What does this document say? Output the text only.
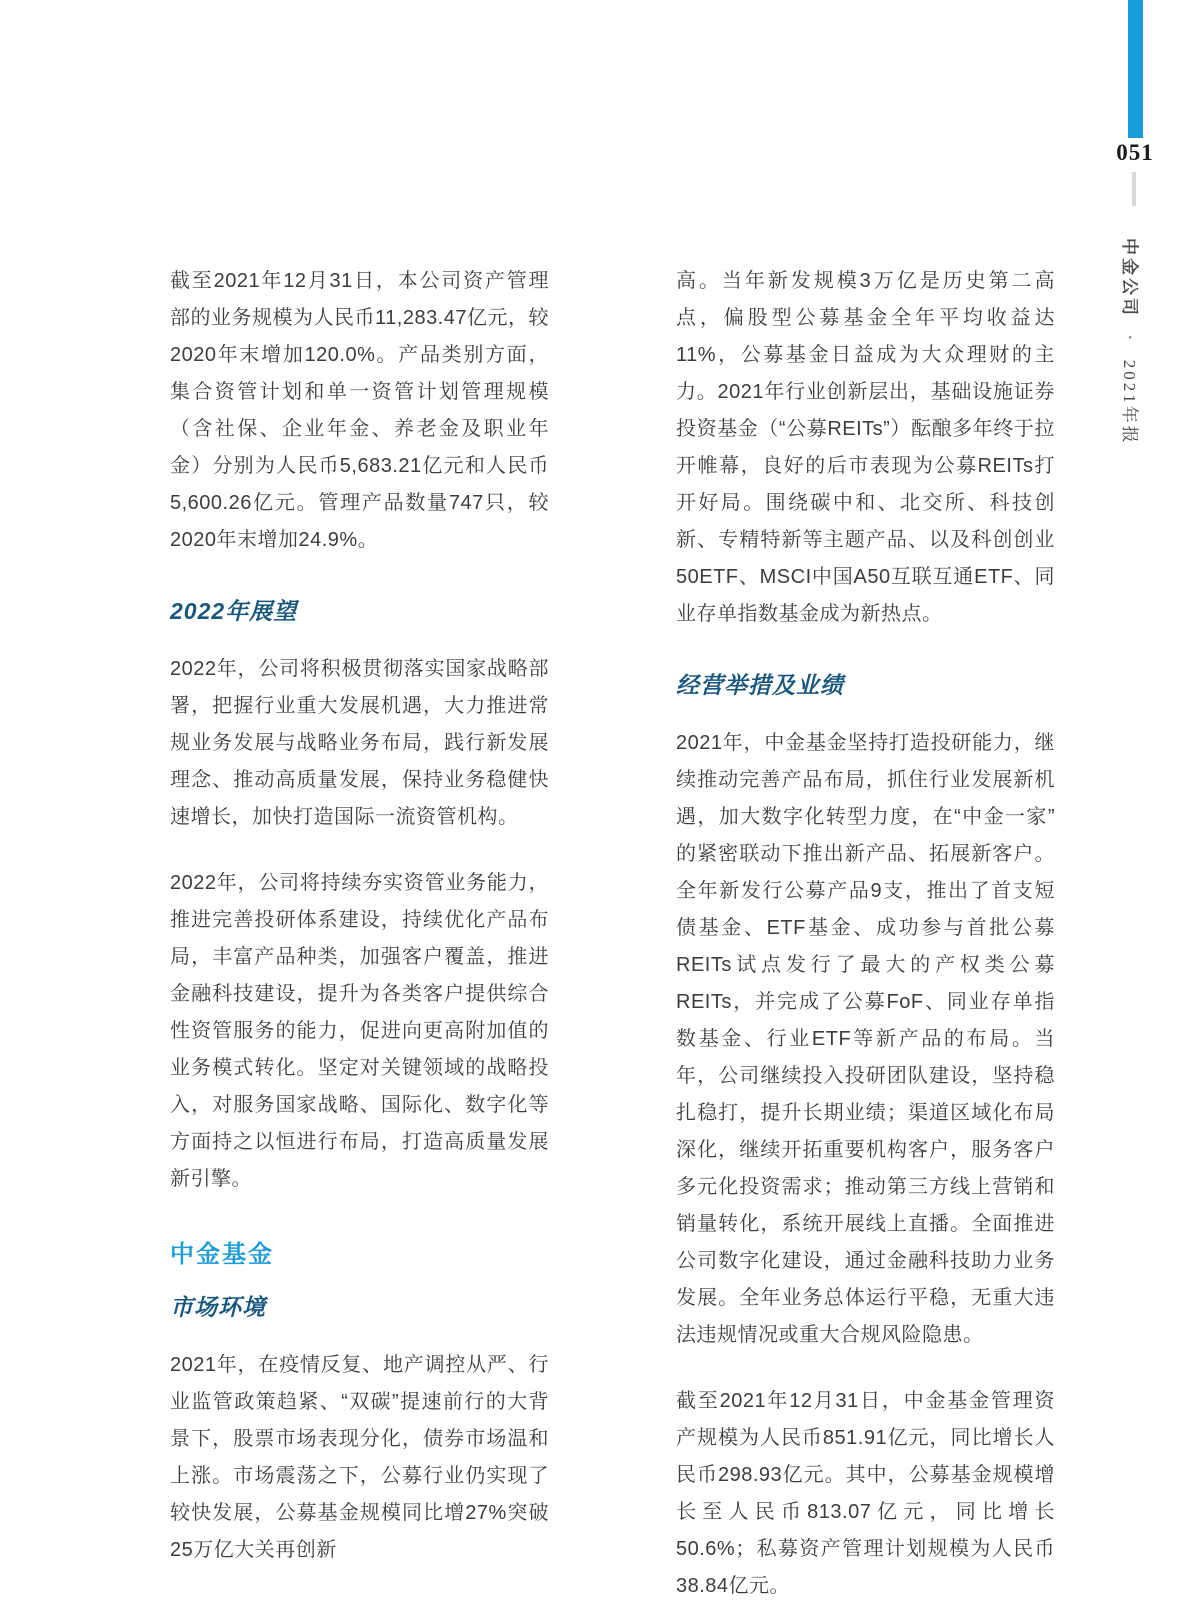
051
中金公司 • 2021年报

截至2021年12月31日，本公司资产管理部的业务规模为人民币11,283.47亿元，较2020年末增加120.0%。产品类别方面，集合资管计划和单一资管计划管理规模（含社保、企业年金、养老金及职业年金）分别为人民币5,683.21亿元和人民币5,600.26亿元。管理产品数量747只，较2020年末增加24.9%。

2022年展望

2022年，公司将积极贯彻落实国家战略部署，把握行业重大发展机遇，大力推进常规业务发展与战略业务布局，践行新发展理念、推动高质量发展，保持业务稳健快速增长，加快打造国际一流资管机构。

2022年，公司将持续夯实资管业务能力，推进完善投研体系建设，持续优化产品布局，丰富产品种类，加强客户覆盖，推进金融科技建设，提升为各类客户提供综合性资管服务的能力，促进向更高附加值的业务模式转化。坚定对关键领域的战略投入，对服务国家战略、国际化、数字化等方面持之以恒进行布局，打造高质量发展新引擎。

中金基金
市场环境

2021年，在疫情反复、地产调控从严、行业监管政策趋紧、“双碳”提速前行的大背景下，股票市场表现分化，债券市场温和上涨。市场震荡之下，公募行业仍实现了较快发展，公募基金规模同比增27%突破25万亿大关再创新

高。当年新发规模3万亿是历史第二高点，偏股型公募基金全年平均收益达11%，公募基金日益成为大众理财的主力。2021年行业创新层出，基础设施证券投资基金（“公募REITs”）酝酿多年终于拉开帷幕，良好的后市表现为公募REITs打开好局。围绕碳中和、北交所、科技创新、专精特新等主题产品、以及科创创业50ETF、MSCI中国A50互联互通ETF、同业存单指数基金成为新热点。

经营举措及业绩

2021年，中金基金坚持打造投研能力，继续推动完善产品布局，抓住行业发展新机遇，加大数字化转型力度，在“中金一家”的紧密联动下推出新产品、拓展新客户。全年新发行公募产品9支，推出了首支短债基金、ETF基金、成功参与首批公募REITs试点发行了最大的产权类公募REITs，并完成了公募FoF、同业存单指数基金、行业ETF等新产品的布局。当年，公司继续投入投研团队建设，坚持稳扎稳打，提升长期业绩；渠道区域化布局深化，继续开拓重要机构客户，服务客户多元化投资需求；推动第三方线上营销和销量转化，系统开展线上直播。全面推进公司数字化建设，通过金融科技助力业务发展。全年业务总体运行平稳，无重大违法违规情况或重大合规风险隐患。

截至2021年12月31日，中金基金管理资产规模为人民币851.91亿元，同比增长人民币298.93亿元。其中，公募基金规模增长至人民币813.07亿元，同比增长50.6%；私募资产管理计划规模为人民币38.84亿元。
